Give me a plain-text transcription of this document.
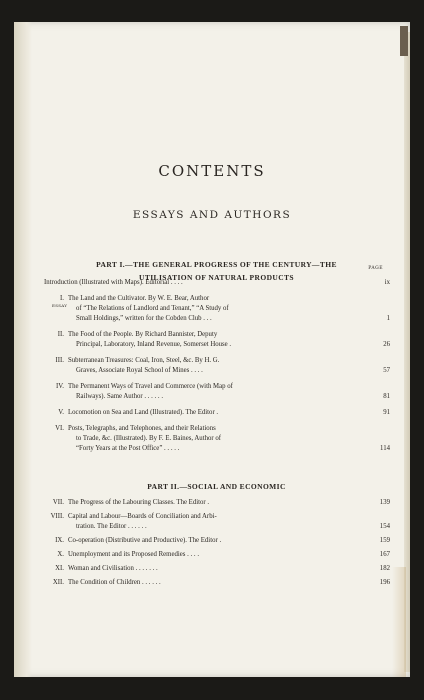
CONTENTS
ESSAYS AND AUTHORS
PART I.—THE GENERAL PROGRESS OF THE CENTURY—THE
UTILISATION OF NATURAL PRODUCTS
PAGE
Introduction (Illustrated with Maps). Editorial . . . .	ix
ESSAY
PART II.—SOCIAL AND ECONOMIC
I. The Land and the Cultivator. By W. E. Bear, Author
of “The Relations of Landlord and Tenant,” “A Study of
Small Holdings,” written for the Cobden Club . . .	1
II. The Food of the People. By Richard Bannister, Deputy
Principal, Laboratory, Inland Revenue, Somerset House .	26
III. Subterranean Treasures: Coal, Iron, Steel, &c. By H. G.
Graves, Associate Royal School of Mines . . . .	57
IV. The Permanent Ways of Travel and Commerce (with Map of
Railways). Same Author . . . . . .	81
V. Locomotion on Sea and Land (Illustrated). The Editor .	91
VI. Posts, Telegraphs, and Telephones, and their Relations
to Trade, &c. (Illustrated). By F. E. Baines, Author of
“Forty Years at the Post Office” . . . . .	114
VII. The Progress of the Labouring Classes. The Editor .	139
VIII. Capital and Labour—Boards of Conciliation and Arbi-
tration. The Editor . . . . . .	154
IX. Co-operation (Distributive and Productive). The Editor .	159
X. Unemployment and its Proposed Remedies . . . .	167
XI. Woman and Civilisation . . . . . . .	182
XII. The Condition of Children . . . . . .	196
